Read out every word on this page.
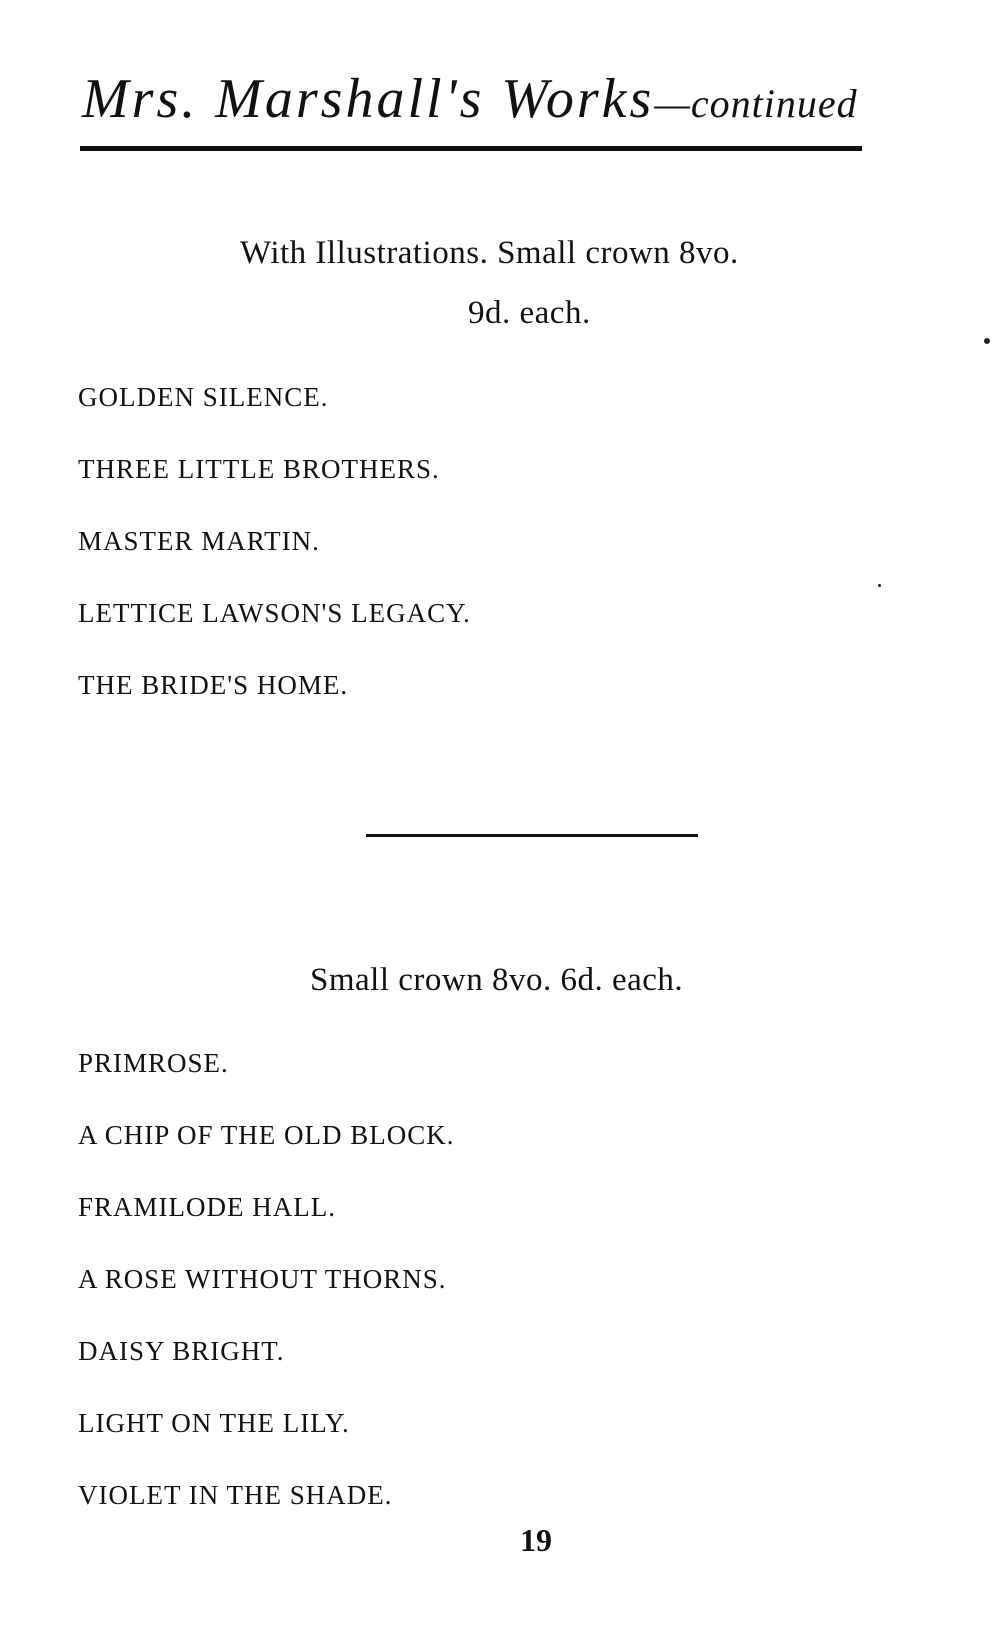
Mrs. Marshall's Works—continued
With Illustrations. Small crown 8vo.
9d. each.
GOLDEN SILENCE.
THREE LITTLE BROTHERS.
MASTER MARTIN.
LETTICE LAWSON'S LEGACY.
THE BRIDE'S HOME.
Small crown 8vo. 6d. each.
PRIMROSE.
A CHIP OF THE OLD BLOCK.
FRAMILODE HALL.
A ROSE WITHOUT THORNS.
DAISY BRIGHT.
LIGHT ON THE LILY.
VIOLET IN THE SHADE.
19
